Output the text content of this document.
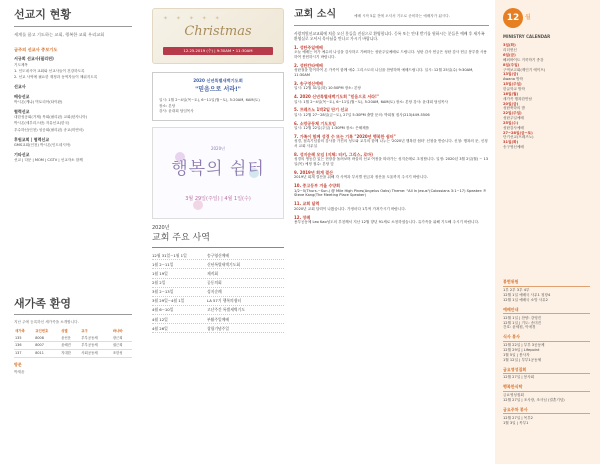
선교지 현황
세계를 품고 기도하는 교회, 행복한 교회 우리교회
금주의 선교사 중보기도
서규희 선교사(필리핀)
기도제목
1. 인도네시아 교회와 선교사들이 건강하도록
2. 선교 사역에 필요한 재정과 동역자들이 채워지도록
선교사
배승선교
박시온(케냐) 빅토리아(타이완)
협력선교
대한성공회(거제) 목회(필리핀) 교회(탄자니아)
박시온(세부리스탄) 자유선교(한국)
우수하신(인천) 성공회(필리핀) 송교(미얀마)
후원교회 | 협력선교
GMS교회(인천) 박시온(인도네시아)
기타선교
선교 | 다문 | MOM | CGTV | 선교자소 함께
새가족 환영
지난 주에 등록하신 새가족을 소개합니다.
새가족	교인번호	성별	교구	바나바
135	8008	윤선운	부부공동체	장근희
136	8007	윤혜진	부부공동체	권근희
137	8011	지대한	사회공동체	조한성
방문
박재윤
✦ ✦ ✦ ✦ ✦
Christmas
12.25.2019 (수) | 9:30AM • 11:30AM
2020 신년특별새벽기도회
"믿음으로 서라!"
일시: 1월 2~4일(목~토), 6~11일(월~토), 5:20AM, 6AM(토)
장소: 본당
강사: 윤대희 담임목사
2020년
행복의 쉼터
3월 29일(주일) | 4월 1일(수)
2020년
교회 주요 사역
12월 31일~1월 1일	송구영신예배
1월 2~11일	신년특별새벽기도회
1월 19일	제직회
2월 2일	공동의회
3월 2~13일	성지순례
3월 29일~4월 1일	LA 57기 행복의쉼터
4월 6~10일	고난주간 특별새벽기도
4월 12일	부활주일예배
4월 26일	창립기념주일
교회 소식	예배 시작 5분 전에 오셔서 기도로 준비하는 예배자가 됩시다.
사랑의빛선교교회에 처음 오신 분들을 진심으로 환영합니다. 등록 또는 안내 받기를 원하시는 분들은 예배 후 새가족 환영실로 오셔서 목사님을 만나고 가시기 바랍니다.
1. 성탄주일예배
오늘 예배는 어가 예수의 나심을 감사하고 기뻐하는 성탄주일예배로 드립니다. 성탄 감사 헌금은 성탄 감사 헌금 봉투를 사용하여 봉헌하시기 바랍니다.
2. 성탄칸타예배
성탄절을 맞이하여 온 가족이 함께 예수 그리스도의 나심을 찬양하며 예배드립니다. 일시: 12월 25일(수) 9:30AM, 11:30AM
3. 송구영신예배
일시: 12월 31일(화) 10:50PM 장소: 본당
4. 2020 신년특별새벽기도회 "믿음으로 서라!"
일시: 1월 2~4일(목~토), 6~11일(월~토), 5:20AM, 6AM(토) 장소: 본당 강사: 윤대희 담임목사
5. 프레즈노 1박2일 단기 선교
일시: 12월 27~28일(금~토), 27일 5:30PM 출발 문의: 박희철 집사(213)449-5506
6. 소망공동체 기도모임
일시: 12월 22일(주일) 1:30PM 장소: 은혜채플
7. 가족이 함께 성경 수 또는 기록 "2020년 행복한 쉼터"
성경, 접촉기념물의 감사를 가진의 성도와 교우의 함께 나누는 '2020년 행복한 쉼터' 신청을 받습니다. 신청: 행복의 문, 신청서 교회 사무실
8. 성지순례 모임 (지체: 터키, 그리스, 로마)
성경의 생동감 있는 현장을 돌려보며 바울의 선교 여정을 따라가는 성지순례로 초청합니다. 일정: 2020년 3월 2일(월) ~ 13일(목) 예정 접수: 본당 앞
9. 2019년 회계 결산
2019년 회계 결산을 위해 각 사역과 부서별 헌금과 정산을 도울까지 주시기 바랍니다.
10. 중고등부 겨울 수양회
1/2~5(Thurs.~Sun.) @ Mile High Pines(Angelus Oaks) Theme: "All In Jesus"(Colossians 3:1~17) Speaker: P. Steve Kang(The Meeting Place Speaker)
11. 교회 달력
2020년 교회 달력이 나왔습니다. 가정마다 1부씩 가져가시기 바랍니다.
12. 장례
용부공동체 Leo Kao성도의 부친께서 지난 12월 향년 91세로 소천하셨습니다. 유가족을 위해 기도해 주시기 바랍니다.
12 월
MINISTRY CALENDAR
3일(화)
리더헌신
6일(금)
해외바이트 거룩학기 종강
8일(주일)
구역보고회(제인기 에이프)
13일(금)
Awana 방학
15일(주일)
한글학교 방학
16일(월)
새가족 행복한만남
20일(금)
성탄축하의 밤
22일(주일)
성탄주일예배
25일(수)
성탄감사예배
27~28일(금~토)
단기선교(프레즈노)
31일(화)
송구영신예배
봉헌위원
1부 2부 3부 4부
12월 1일 예배국 사무1 청장4
12월 1일 예배국 소망 사무2
예배안내
12월 1일 | 찬양: 강영진
12월 1일 | 기도: 송미진
간호: 윤세원, 이애경
식사 봉사
12월 22일 | 부부 3공동체
12월 29일 | Lifepoint
1월 5일 | 봉사자
1월 12일 | 부부1공동체
금요영성집회
12월 27일 | 봉사회
행복한식탁
금요영성집회
12월 27일 | 조사장, 조사님 (결혼기념)
금요주차 봉사
12월 27일 | 목부2
1월 3일 | 목부1
